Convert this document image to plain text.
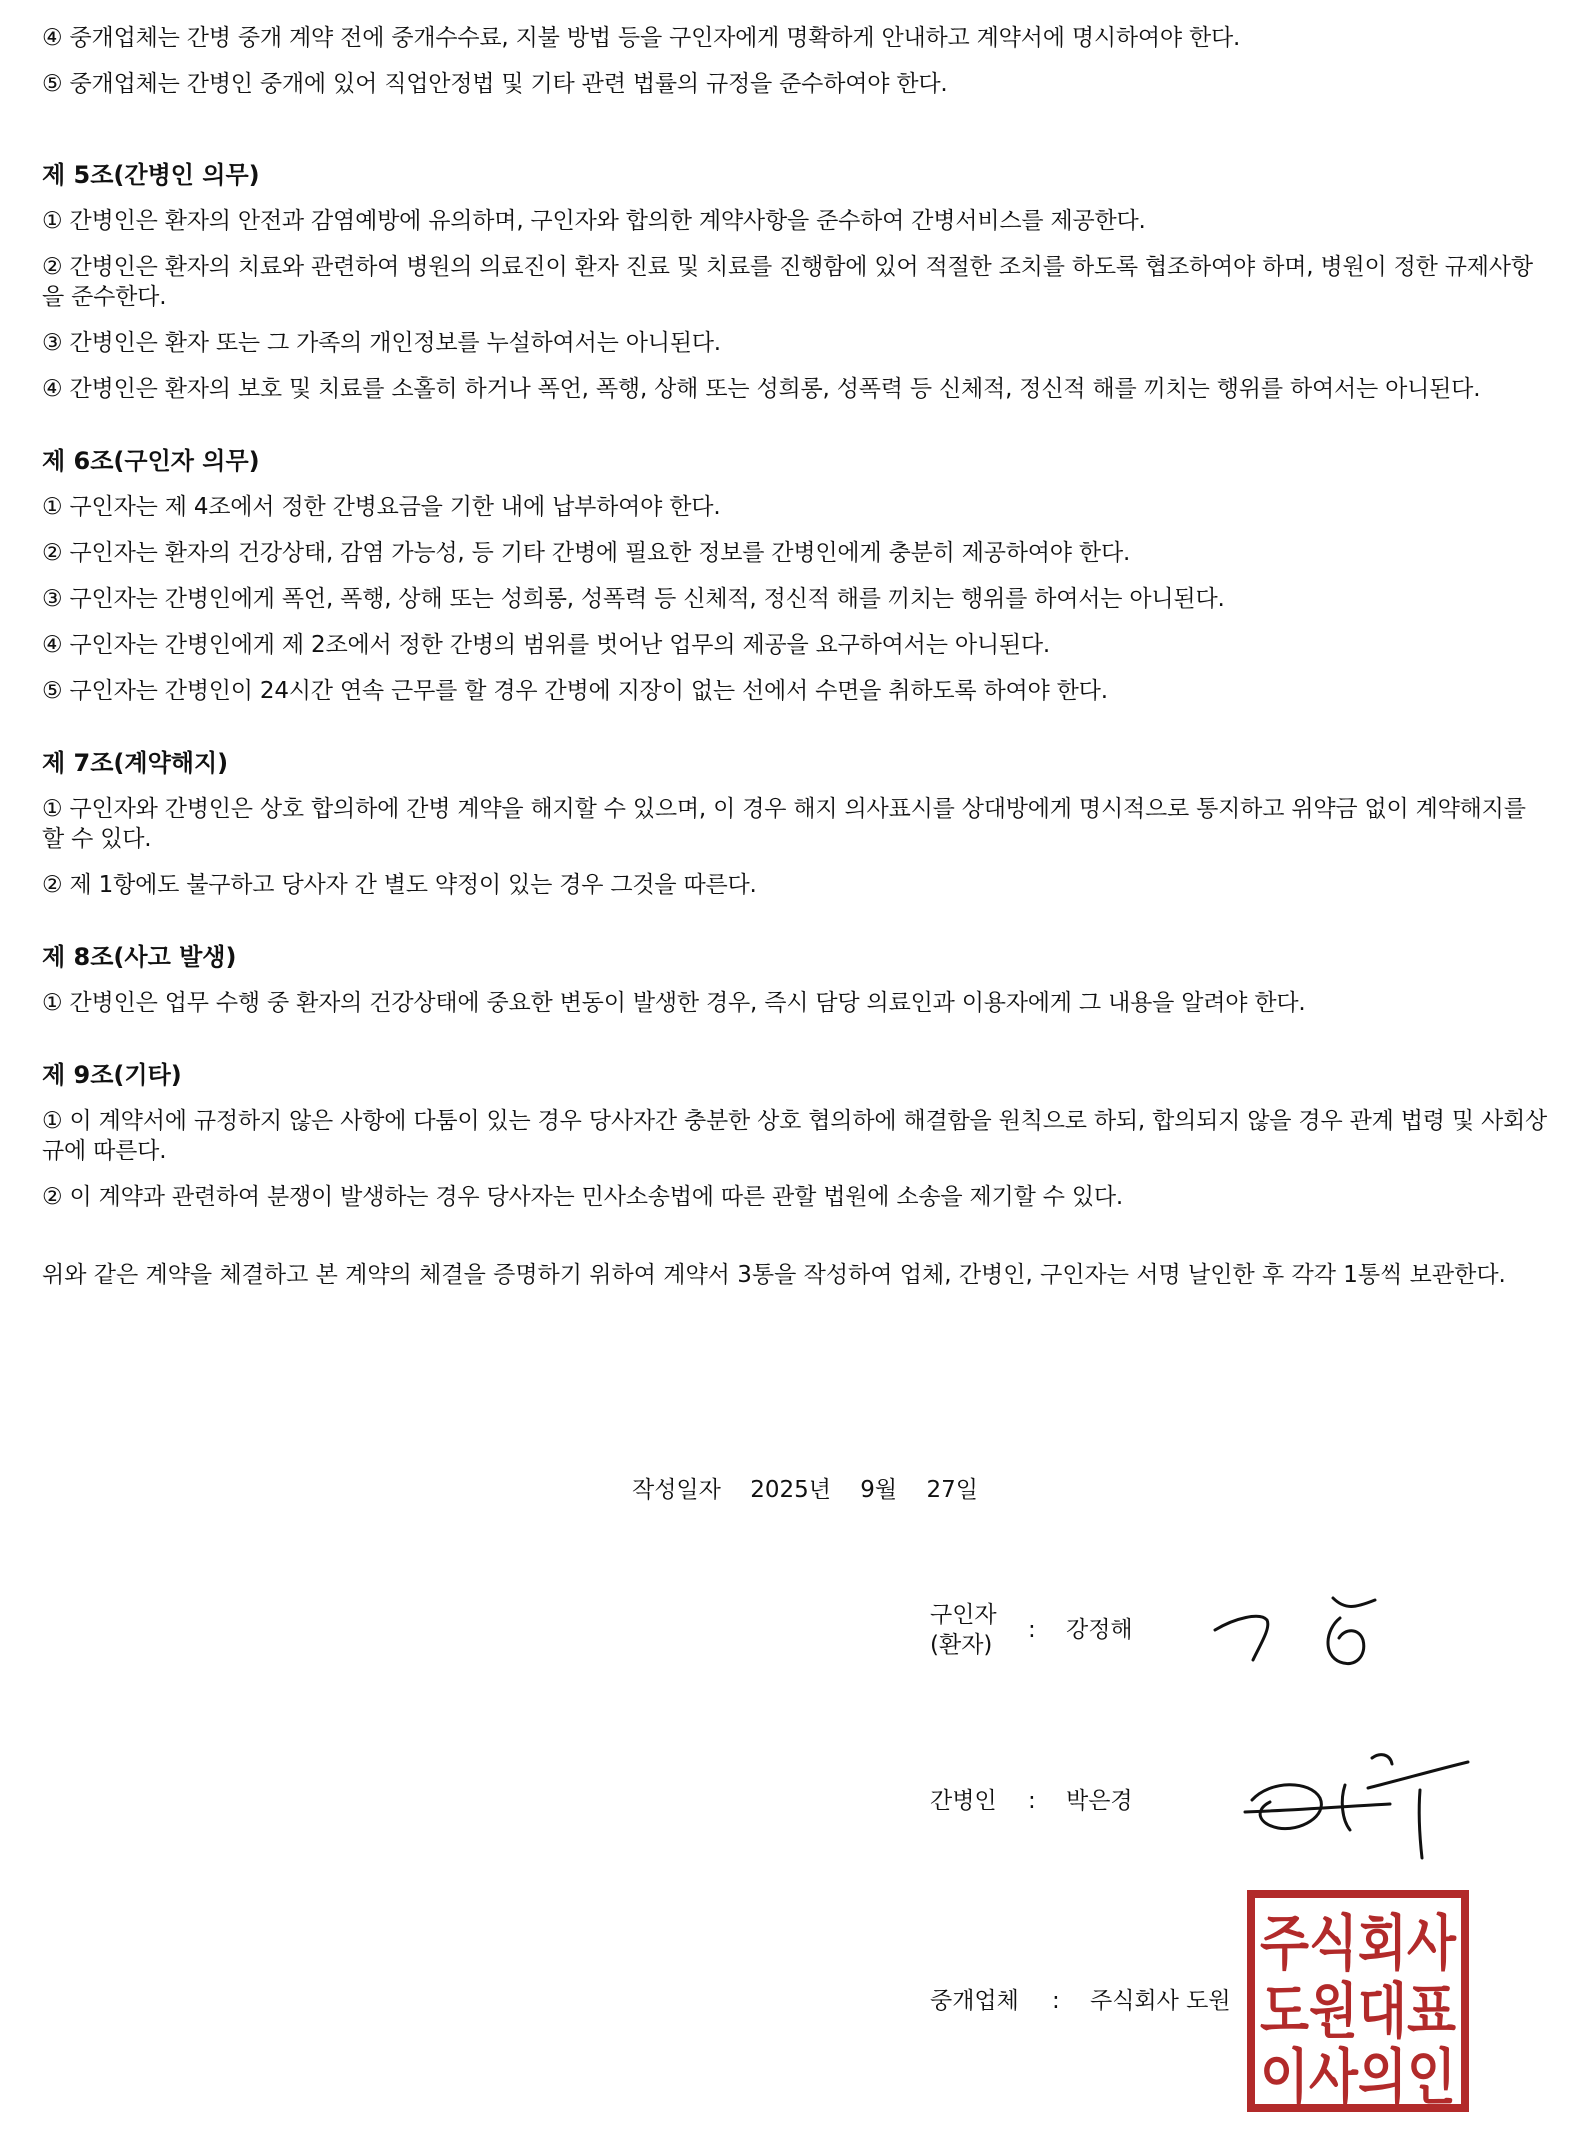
④ 중개업체는 간병 중개 계약 전에 중개수수료, 지불 방법 등을 구인자에게 명확하게 안내하고 계약서에 명시하여야 한다.

⑤ 중개업체는 간병인 중개에 있어 직업안정법 및 기타 관련 법률의 규정을 준수하여야 한다.

제 5조(간병인 의무)

① 간병인은 환자의 안전과 감염예방에 유의하며, 구인자와 합의한 계약사항을 준수하여 간병서비스를 제공한다.

② 간병인은 환자의 치료와 관련하여 병원의 의료진이 환자 진료 및 치료를 진행함에 있어 적절한 조치를 하도록 협조하여야 하며, 병원이 정한 규제사항을 준수한다.

③ 간병인은 환자 또는 그 가족의 개인정보를 누설하여서는 아니된다.

④ 간병인은 환자의 보호 및 치료를 소홀히 하거나 폭언, 폭행, 상해 또는 성희롱, 성폭력 등 신체적, 정신적 해를 끼치는 행위를 하여서는 아니된다.

제 6조(구인자 의무)

① 구인자는 제 4조에서 정한 간병요금을 기한 내에 납부하여야 한다.

② 구인자는 환자의 건강상태, 감염 가능성, 등 기타 간병에 필요한 정보를 간병인에게 충분히 제공하여야 한다.

③ 구인자는 간병인에게 폭언, 폭행, 상해 또는 성희롱, 성폭력 등 신체적, 정신적 해를 끼치는 행위를 하여서는 아니된다.

④ 구인자는 간병인에게 제 2조에서 정한 간병의 범위를 벗어난 업무의 제공을 요구하여서는 아니된다.

⑤ 구인자는 간병인이 24시간 연속 근무를 할 경우 간병에 지장이 없는 선에서 수면을 취하도록 하여야 한다.

제 7조(계약해지)

① 구인자와 간병인은 상호 합의하에 간병 계약을 해지할 수 있으며, 이 경우 해지 의사표시를 상대방에게 명시적으로 통지하고 위약금 없이 계약해지를 할 수 있다.

② 제 1항에도 불구하고 당사자 간 별도 약정이 있는 경우 그것을 따른다.

제 8조(사고 발생)

① 간병인은 업무 수행 중 환자의 건강상태에 중요한 변동이 발생한 경우, 즉시 담당 의료인과 이용자에게 그 내용을 알려야 한다.

제 9조(기타)

① 이 계약서에 규정하지 않은 사항에 다툼이 있는 경우 당사자간 충분한 상호 협의하에 해결함을 원칙으로 하되, 합의되지 않을 경우 관계 법령 및 사회상규에 따른다.

② 이 계약과 관련하여 분쟁이 발생하는 경우 당사자는 민사소송법에 따른 관할 법원에 소송을 제기할 수 있다.

위와 같은 계약을 체결하고 본 계약의 체결을 증명하기 위하여 계약서 3통을 작성하여 업체, 간병인, 구인자는 서명 날인한 후 각각 1통씩 보관한다.

작성일자 2025년 9월 27일
구인자
(환자)
: 강정해
간병인 : 박은경
중개업체 : 주식회사 도원
주식회사
도원대표
이사의인
